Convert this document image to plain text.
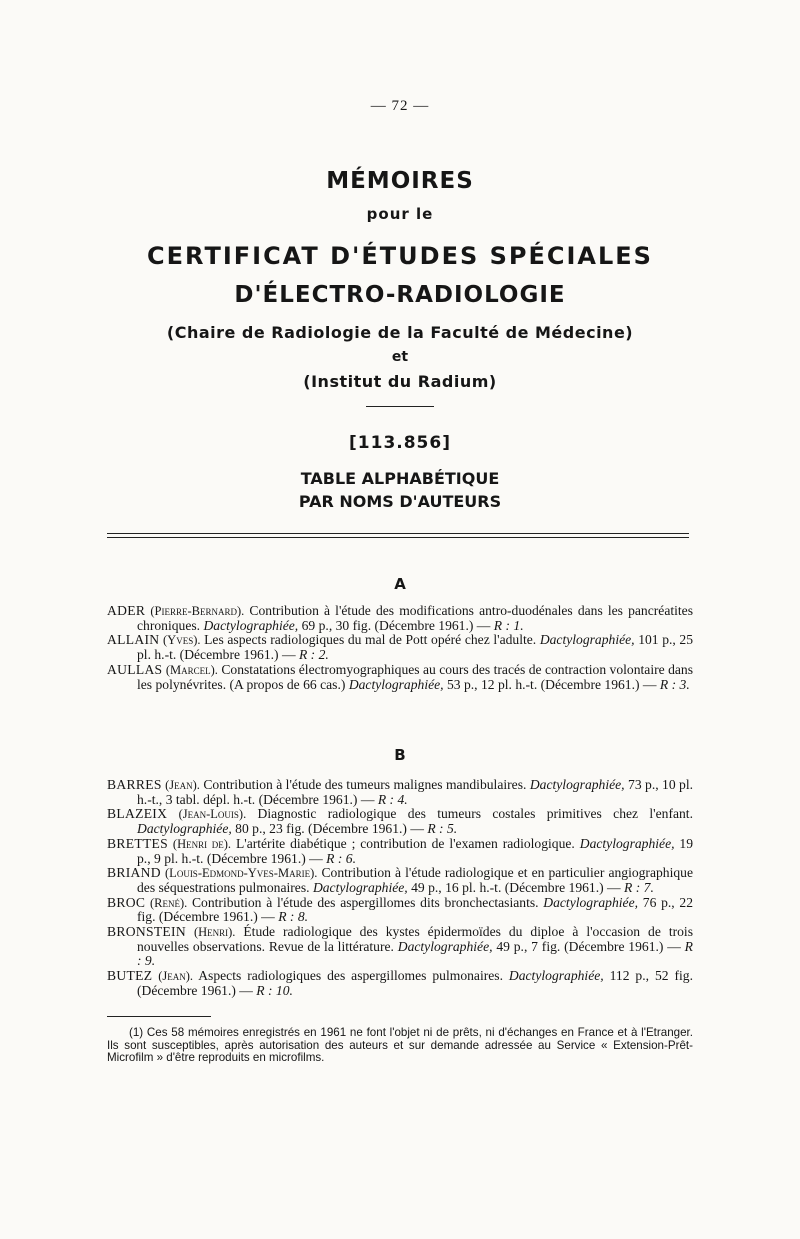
— 72 —
MÉMOIRES
pour le
CERTIFICAT D'ÉTUDES SPÉCIALES
D'ÉLECTRO-RADIOLOGIE
(Chaire de Radiologie de la Faculté de Médecine)
et
(Institut du Radium)
[113.856]
TABLE ALPHABÉTIQUE
PAR NOMS D'AUTEURS
A
ADER (Pierre-Bernard). Contribution à l'étude des modifications antro-duodénales dans les pancréatites chroniques. Dactylographiée, 69 p., 30 fig. (Décembre 1961.) — R : 1.
ALLAIN (Yves). Les aspects radiologiques du mal de Pott opéré chez l'adulte. Dactylographiée, 101 p., 25 pl. h.-t. (Décembre 1961.) — R : 2.
AULLAS (Marcel). Constatations électromyographiques au cours des tracés de contraction volontaire dans les polynévrites. (A propos de 66 cas.) Dactylographiée, 53 p., 12 pl. h.-t. (Décembre 1961.) — R : 3.
B
BARRES (Jean). Contribution à l'étude des tumeurs malignes mandibulaires. Dactylographiée, 73 p., 10 pl. h.-t., 3 tabl. dépl. h.-t. (Décembre 1961.) — R : 4.
BLAZEIX (Jean-Louis). Diagnostic radiologique des tumeurs costales primitives chez l'enfant. Dactylographiée, 80 p., 23 fig. (Décembre 1961.) — R : 5.
BRETTES (Henri de). L'artérite diabétique ; contribution de l'examen radiologique. Dactylographiée, 19 p., 9 pl. h.-t. (Décembre 1961.) — R : 6.
BRIAND (Louis-Edmond-Yves-Marie). Contribution à l'étude radiologique et en particulier angiographique des séquestrations pulmonaires. Dactylographiée, 49 p., 16 pl. h.-t. (Décembre 1961.) — R : 7.
BROC (René). Contribution à l'étude des aspergillomes dits bronchectasiants. Dactylographiée, 76 p., 22 fig. (Décembre 1961.) — R : 8.
BRONSTEIN (Henri). Étude radiologique des kystes épidermoïdes du diploe à l'occasion de trois nouvelles observations. Revue de la littérature. Dactylographiée, 49 p., 7 fig. (Décembre 1961.) — R : 9.
BUTEZ (Jean). Aspects radiologiques des aspergillomes pulmonaires. Dactylographiée, 112 p., 52 fig. (Décembre 1961.) — R : 10.
(1) Ces 58 mémoires enregistrés en 1961 ne font l'objet ni de prêts, ni d'échanges en France et à l'Etranger. Ils sont susceptibles, après autorisation des auteurs et sur demande adressée au Service « Extension-Prêt-Microfilm » d'être reproduits en microfilms.
